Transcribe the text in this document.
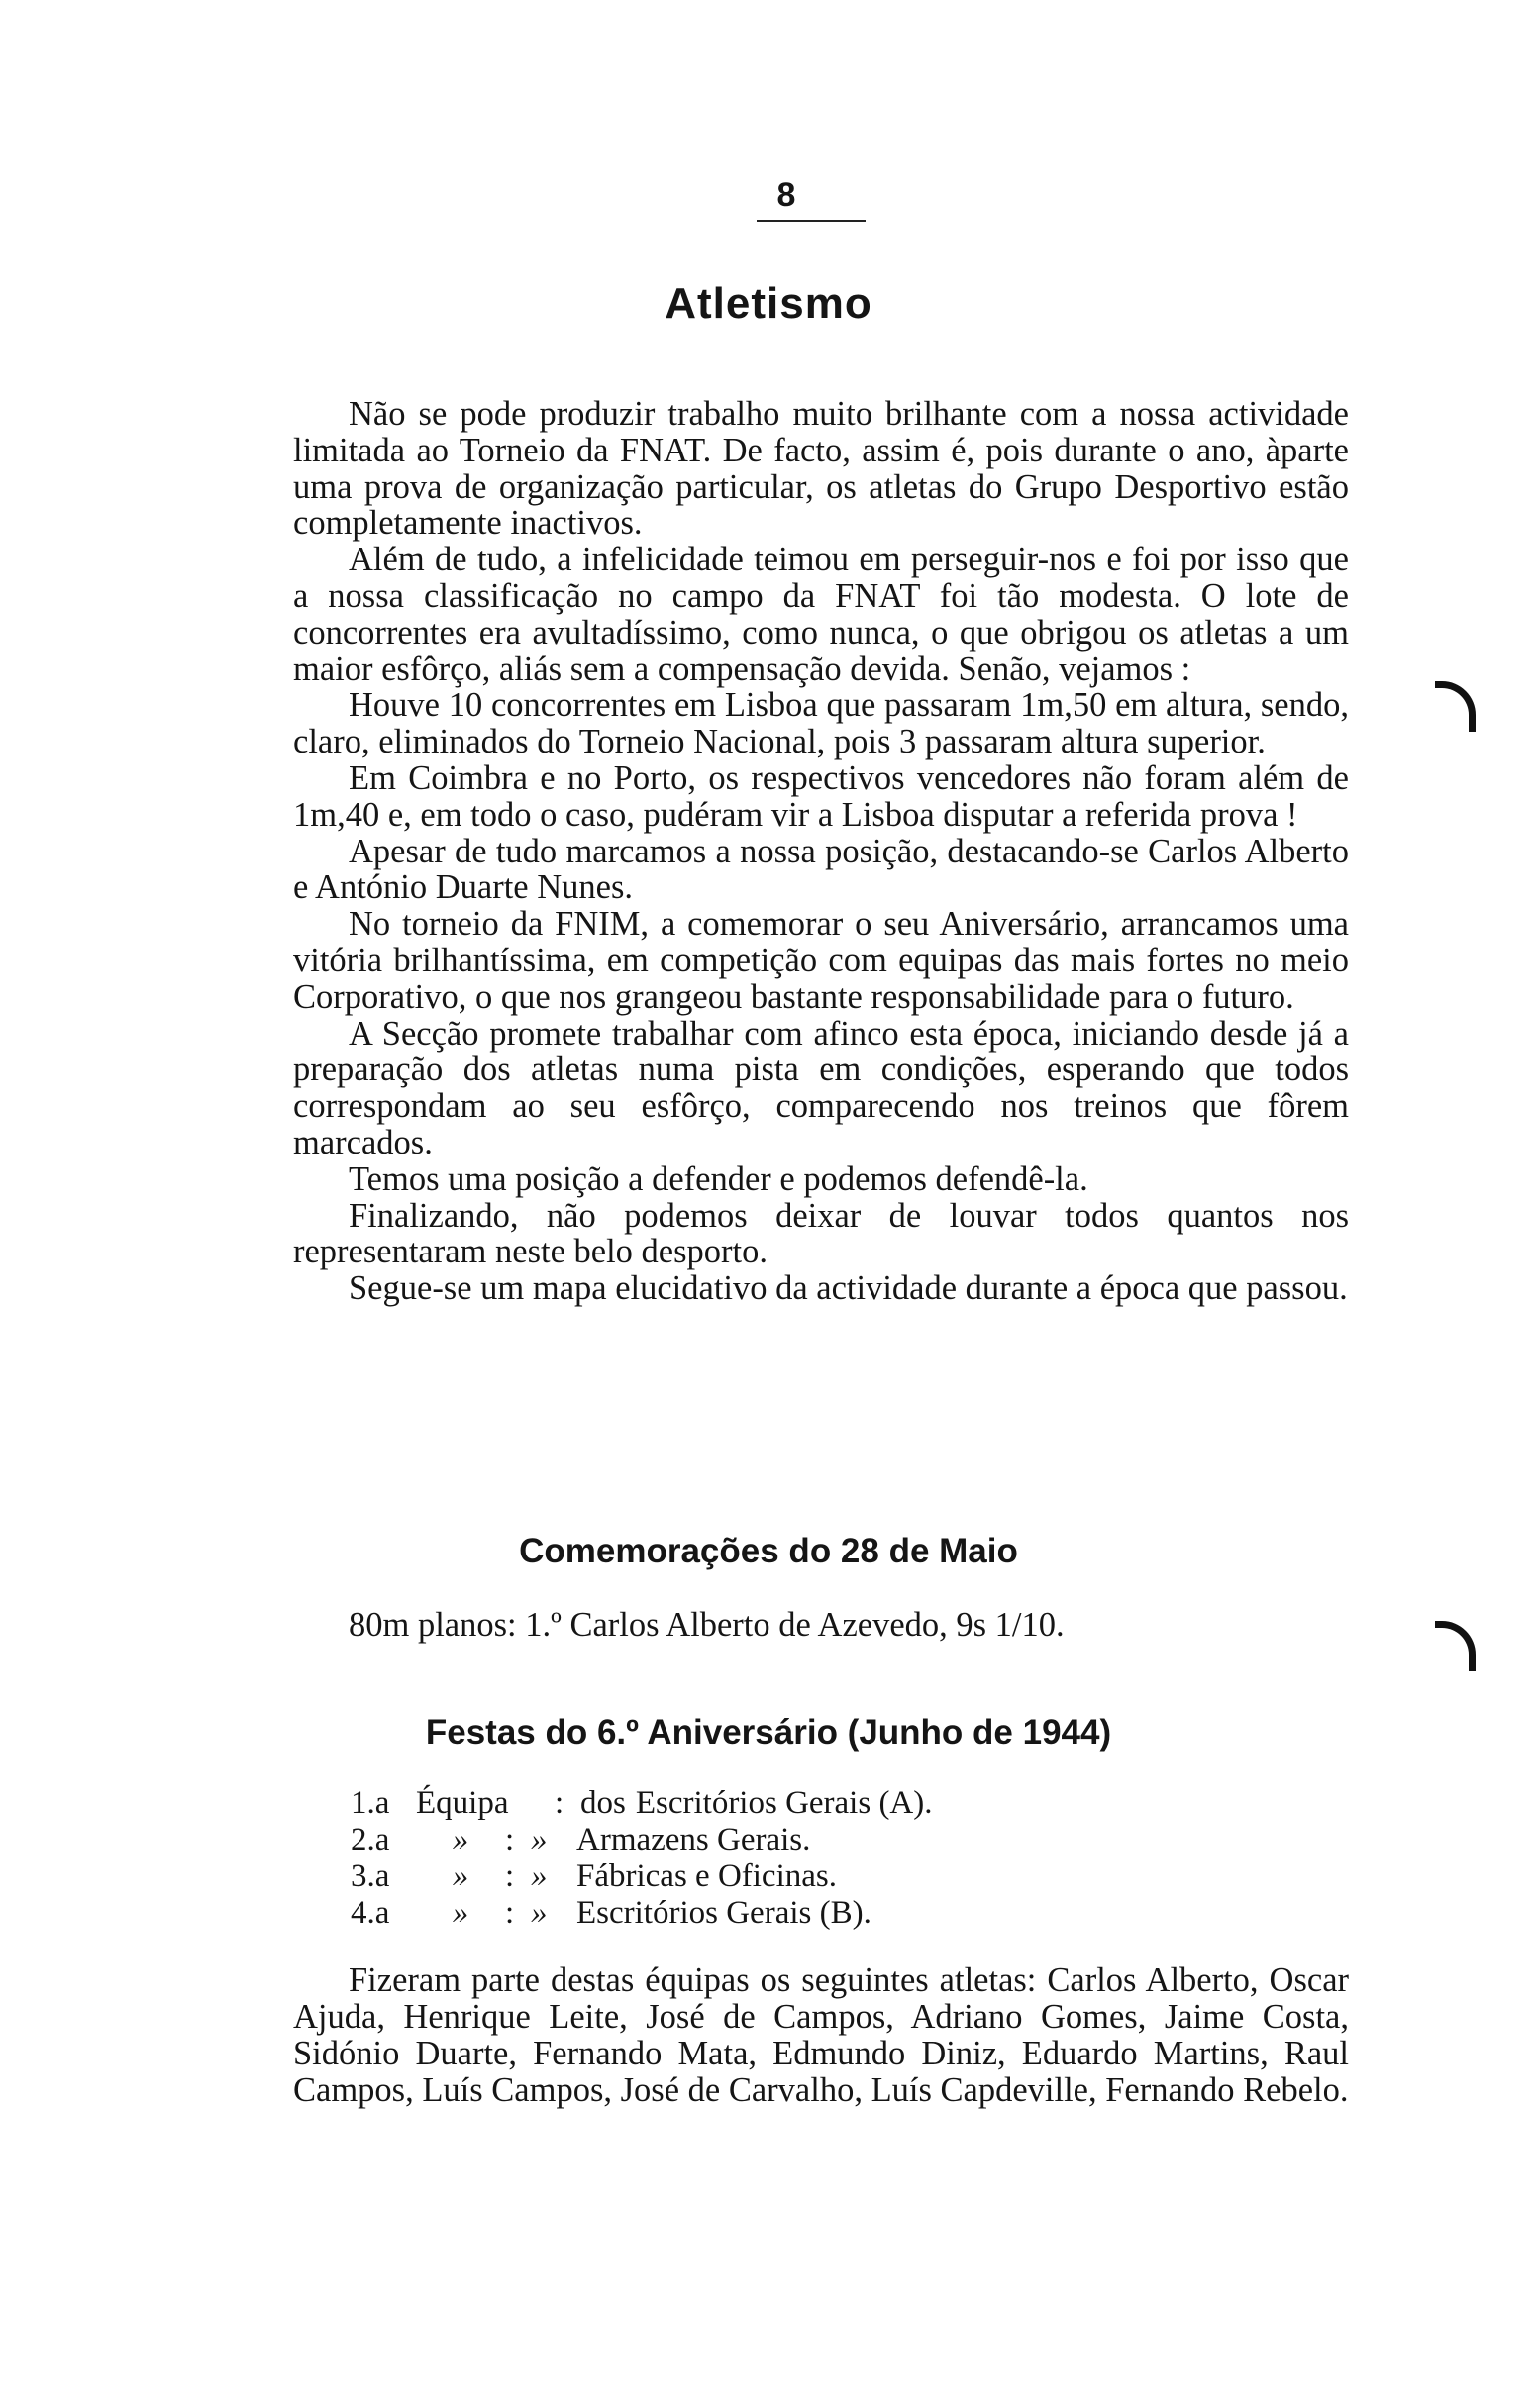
8
Atletismo

Não se pode produzir trabalho muito brilhante com a nossa actividade limitada ao Torneio da FNAT. De facto, assim é, pois durante o ano, àparte uma prova de organização particular, os atletas do Grupo Desportivo estão completamente inactivos.

Além de tudo, a infelicidade teimou em perseguir-nos e foi por isso que a nossa classificação no campo da FNAT foi tão modesta. O lote de concorrentes era avultadíssimo, como nunca, o que obrigou os atletas a um maior esfôrço, aliás sem a compensação devida. Senão, vejamos :

Houve 10 concorrentes em Lisboa que passaram 1m,50 em altura, sendo, claro, eliminados do Torneio Nacional, pois 3 passaram altura superior.

Em Coimbra e no Porto, os respectivos vencedores não foram além de 1m,40 e, em todo o caso, pudéram vir a Lisboa disputar a referida prova !

Apesar de tudo marcamos a nossa posição, destacando-se Carlos Alberto e António Duarte Nunes.

No torneio da FNIM, a comemorar o seu Aniversário, arrancamos uma vitória brilhantíssima, em competição com equipas das mais fortes no meio Corporativo, o que nos grangeou bastante responsabilidade para o futuro.

A Secção promete trabalhar com afinco esta época, iniciando desde já a preparação dos atletas numa pista em condições, esperando que todos correspondam ao seu esfôrço, comparecendo nos treinos que fôrem marcados.

Temos uma posição a defender e podemos defendê-la.

Finalizando, não podemos deixar de louvar todos quantos nos representaram neste belo desporto.

Segue-se um mapa elucidativo da actividade durante a época que passou.

Comemorações do 28 de Maio
80m planos: 1.º Carlos Alberto de Azevedo, 9s 1/10.
Festas do 6.º Aniversário (Junho de 1944)
1.a Équipa	: dos Escritórios Gerais (A).
2.a	»	: » Armazens Gerais.
3.a	»	: » Fábricas e Oficinas.
4.a	»	: » Escritórios Gerais (B).

Fizeram parte destas équipas os seguintes atletas: Carlos Alberto, Oscar Ajuda, Henrique Leite, José de Campos, Adriano Gomes, Jaime Costa, Sidónio Duarte, Fernando Mata, Edmundo Diniz, Eduardo Martins, Raul Campos, Luís Campos, José de Carvalho, Luís Capdeville, Fernando Rebelo.
